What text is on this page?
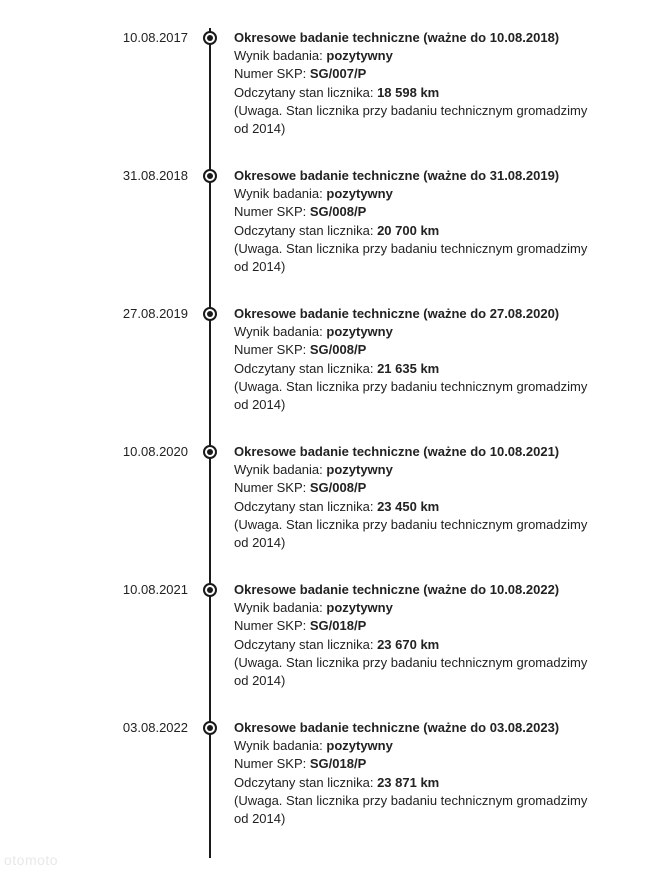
10.08.2017	Okresowe badanie techniczne (ważne do 10.08.2018)
Wynik badania: pozytywny
Numer SKP: SG/007/P
Odczytany stan licznika: 18 598 km
(Uwaga. Stan licznika przy badaniu technicznym gromadzimy od 2014)
31.08.2018	Okresowe badanie techniczne (ważne do 31.08.2019)
Wynik badania: pozytywny
Numer SKP: SG/008/P
Odczytany stan licznika: 20 700 km
(Uwaga. Stan licznika przy badaniu technicznym gromadzimy od 2014)
27.08.2019	Okresowe badanie techniczne (ważne do 27.08.2020)
Wynik badania: pozytywny
Numer SKP: SG/008/P
Odczytany stan licznika: 21 635 km
(Uwaga. Stan licznika przy badaniu technicznym gromadzimy od 2014)
10.08.2020	Okresowe badanie techniczne (ważne do 10.08.2021)
Wynik badania: pozytywny
Numer SKP: SG/008/P
Odczytany stan licznika: 23 450 km
(Uwaga. Stan licznika przy badaniu technicznym gromadzimy od 2014)
10.08.2021	Okresowe badanie techniczne (ważne do 10.08.2022)
Wynik badania: pozytywny
Numer SKP: SG/018/P
Odczytany stan licznika: 23 670 km
(Uwaga. Stan licznika przy badaniu technicznym gromadzimy od 2014)
03.08.2022	Okresowe badanie techniczne (ważne do 03.08.2023)
Wynik badania: pozytywny
Numer SKP: SG/018/P
Odczytany stan licznika: 23 871 km
(Uwaga. Stan licznika przy badaniu technicznym gromadzimy od 2014)
otomoto
